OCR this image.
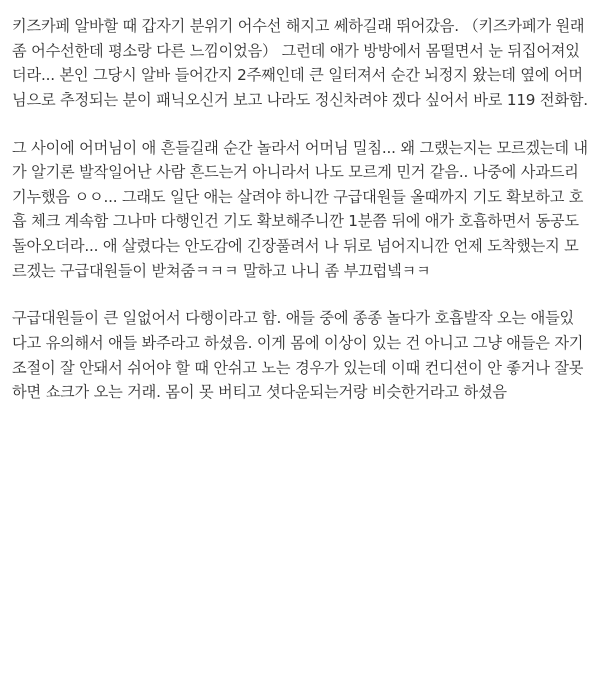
키즈카페 알바할 때 갑자기 분위기 어수선 해지고 쎄하길래 뛰어갔음. （키즈카페가 원래 좀 어수선한데 평소랑 다른 느낌이었음） 그런데 애가 방방에서 몸떨면서 눈 뒤집어져있더라... 본인 그당시 알바 들어간지 2주째인데 큰 일터져서 순간 뇌정지 왔는데 옆에 어머님으로 추정되는 분이 패닉오신거 보고 나라도 정신차려야 겠다 싶어서 바로 119 전화함.

그 사이에 어머님이 애 흔들길래 순간 놀라서 어머님 밀침... 왜 그랬는지는 모르겠는데 내가 알기론 발작일어난 사람 흔드는거 아니라서 나도 모르게 민거 같음.. 나중에 사과드리기누했음 ㅇㅇ... 그래도 일단 애는 살려야 하니깐 구급대원들 올때까지 기도 확보하고 호흡 체크 계속함 그나마 다행인건 기도 확보해주니깐 1분쯤 뒤에 애가 호흡하면서 동공도 돌아오더라... 애 살렸다는 안도감에 긴장풀려서 나 뒤로 넘어지니깐 언제 도착했는지 모르겠는 구급대원들이 받쳐줌ㅋㅋㅋ 말하고 나니 좀 부끄럽넼ㅋㅋ

구급대원들이 큰 일없어서 다행이라고 함. 애들 중에 종종 놀다가 호흡발작 오는 애들있다고 유의해서 애들 봐주라고 하셨음. 이게 몸에 이상이 있는 건 아니고 그냥 애들은 자기조절이 잘 안돼서 쉬어야 할 때 안쉬고 노는 경우가 있는데 이때 컨디션이 안 좋거나 잘못하면 쇼크가 오는 거래. 몸이 못 버티고 셧다운되는거랑 비슷한거라고 하셨음
